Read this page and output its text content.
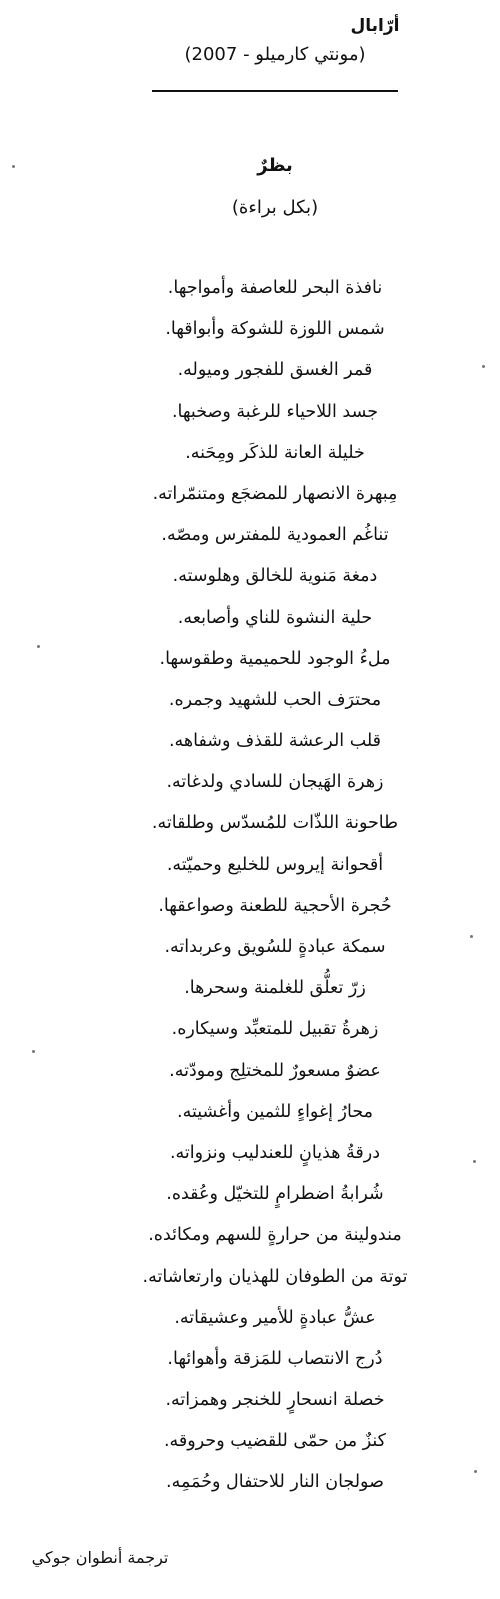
أرّابال
(مونتي كارميلو - 2007)
بظرٌ
(بكل براءة)
نافذة البحر للعاصفة وأمواجها.
شمس اللوزة للشوكة وأبواقها.
قمر الغسق للفجور وميوله.
جسد اللاحياء للرغبة وصخبها.
خليلة العانة للذكَر ومِحَنه.
مِبهرة الانصهار للمضجَع ومتنمّراته.
تناغُم العمودية للمفترس ومصّه.
دمغة مَنوية للخالق وهلوسته.
حلية النشوة للناي وأصابعه.
ملءُ الوجود للحميمية وطقوسها.
محترَف الحب للشهيد وجمره.
قلب الرعشة للقذف وشفاهه.
زهرة الهَيجان للسادي ولدغاته.
طاحونة اللذّات للمُسدّس وطلقاته.
أقحوانة إيروس للخليع وحميّته.
حُجرة الأحجية للطعنة وصواعقها.
سمكة عبادةٍ للسُويق وعربداته.
زرّ تعلُّق للغلمنة وسحرها.
زهرةُ تقبيل للمتعبِّد وسيكاره.
عضوٌ مسعورٌ للمختلِج ومودّته.
محارُ إغواءٍ للثمين وأغشيته.
درقةُ هذيانٍ للعندليب ونزواته.
شُرابةُ اضطرامٍ للتخيّل وعُقده.
مندولينة من حرارةٍ للسهم ومكائده.
توتة من الطوفان للهذيان وارتعاشاته.
عشُّ عبادةٍ للأمير وعشيقاته.
دُرج الانتصاب للمَزقة وأهوائها.
خصلة انسحارٍ للخنجر وهمزاته.
كنزٌ من حمّى للقضيب وحروقه.
صولجان النار للاحتفال وحُمَمِه.
ترجمة أنطوان جوكي
